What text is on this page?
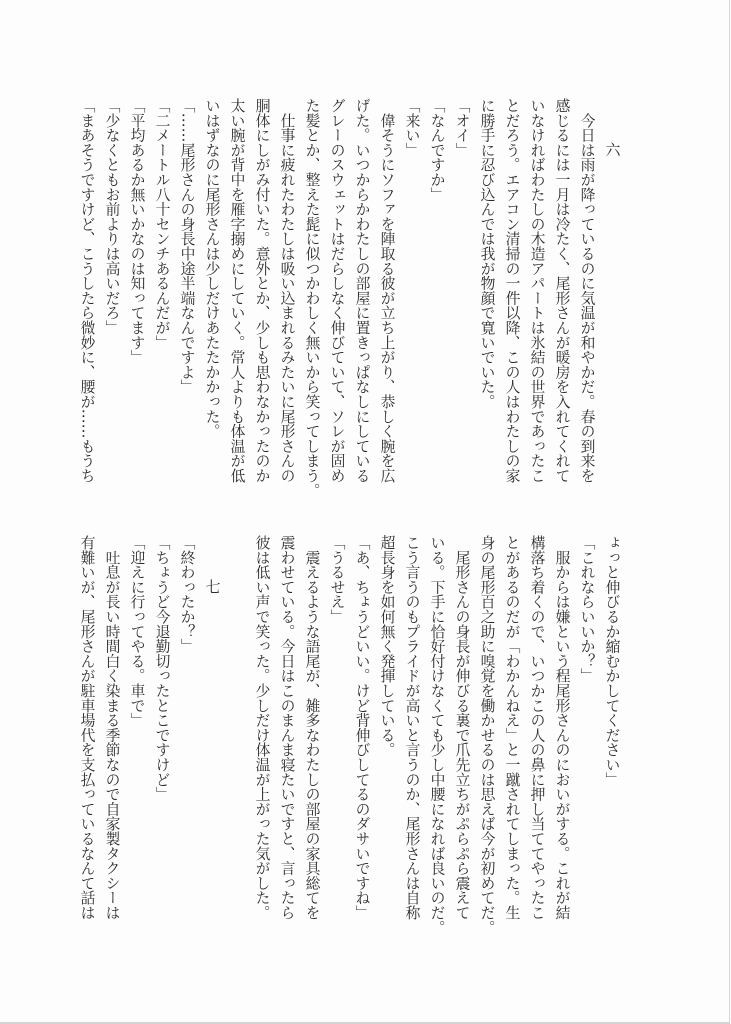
六
　今日は雨が降っているのに気温が和やかだ。春の到来を
感じるには一月は冷たく、尾形さんが暖房を入れてくれて
いなければわたしの木造アパートは氷結の世界であったこ
とだろう。エアコン清掃の一件以降、この人はわたしの家
に勝手に忍び込んでは我が物顔で寛いでいた。
「オイ」
「なんですか」
「来い」
　偉そうにソファを陣取る彼が立ち上がり、恭しく腕を広
げた。いつからかわたしの部屋に置きっぱなしにしている
グレーのスウェットはだらしなく伸びていて、ソレが固め
た髪とか、整えた髭に似つかわしく無いから笑ってしまう。
　仕事に疲れたわたしは吸い込まれるみたいに尾形さんの
胴体にしがみ付いた。意外とか、少しも思わなかったのか
太い腕が背中を雁字搦めにしていく。常人よりも体温が低
いはずなのに尾形さんは少しだけあたたかかった。
「……尾形さんの身長中途半端なんですよ」
「二メートル八十センチあるんだが」
「平均あるか無いかなのは知ってます」
「少なくともお前よりは高いだろ」
「まあそうですけど、こうしたら微妙に、腰が……もうち
ょっと伸びるか縮むかしてください」
「これならいいか？」
　服からは嫌という程尾形さんのにおいがする。これが結
構落ち着くので、いつかこの人の鼻に押し当ててやったこ
とがあるのだが「わかんねえ」と一蹴されてしまった。生
身の尾形百之助に嗅覚を働かせるのは思えば今が初めてだ。
　尾形さんの身長が伸びる裏で爪先立ちがぷらぷら震えて
いる。下手に恰好付けなくても少し中腰になれば良いのだ。
こう言うのもプライドが高いと言うのか、尾形さんは自称
超長身を如何無く発揮している。
「あ、ちょうどいい。けど背伸びしてるのダサいですね」
「うるせえ」
　震えるような語尾が、雑多なわたしの部屋の家具総てを
震わせている。今日はこのまんま寝たいですと、言ったら
彼は低い声で笑った。少しだけ体温が上がった気がした。
七
「終わったか？」
「ちょうど今退勤切ったとこですけど」
「迎えに行ってやる。車で」
　吐息が長い時間白く染まる季節なので自家製タクシーは
有難いが、尾形さんが駐車場代を支払っているなんて話は
